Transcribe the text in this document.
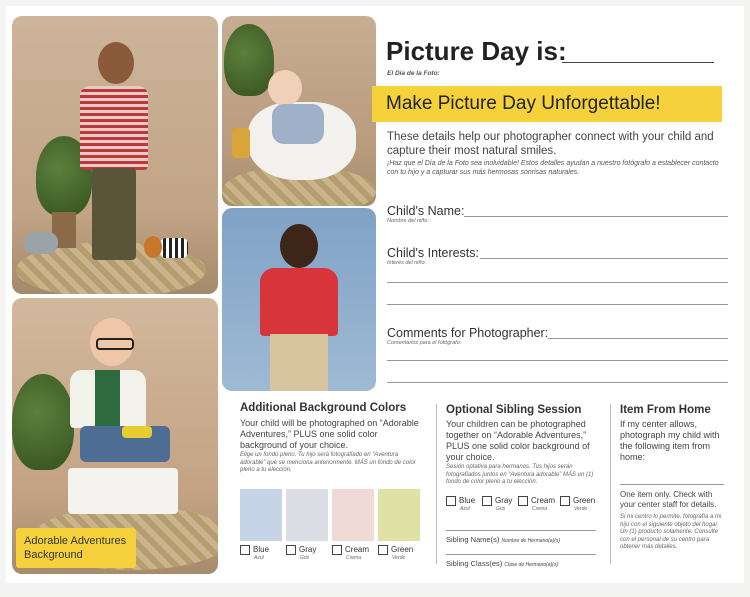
Adorable Adventures Background
Picture Day is:
El Día de la Foto:
Make Picture Day Unforgettable!
These details help our photographer connect with your child and capture their most natural smiles.
¡Haz que el Día de la Foto sea inolvidable! Estos detalles ayudan a nuestro fotógrafo a establecer contacto con tu hijo y a capturar sus más hermosas sonrisas naturales.
Child's Name:
Nombre del niño:
Child's Interests:
Interés del niño:
Comments for Photographer:
Comentarios para el fotógrafo:
Additional Background Colors
Your child will be photographed on “Adorable Adventures,” PLUS one solid color background of your choice.
Elige un fondo pleno. Tu hijo será fotografiado en “Aventura adorable” que se menciona anteriormente. MÁS un fondo de color pleno a tu elección.
Blue
Azul
Gray
Gris
Cream
Crema
Green
Verde
Optional Sibling Session
Your children can be photographed together on “Adorable Adventures,” PLUS one solid color background of your choice.
Sesión optativa para hermanos. Tus hijos serán fotografiados juntos en “Aventura adorable” MÁS un (1) fondo de color pleno a tu elección.
Blue
Azul
Gray
Gris
Cream
Crema
Green
Verde
Sibling Name(s) Nombre de Hermano(a)(s)
Sibling Class(es) Clase de Hermano(a)(s)
Item From Home
If my center allows, photograph my child with the following item from home:
One item only. Check with your center staff for details.
Si mi centro lo permite, fotografía a mi hijo con el siguiente objeto del hogar. Un (1) producto solamente. Consulte con el personal de su centro para obtener más detalles.
